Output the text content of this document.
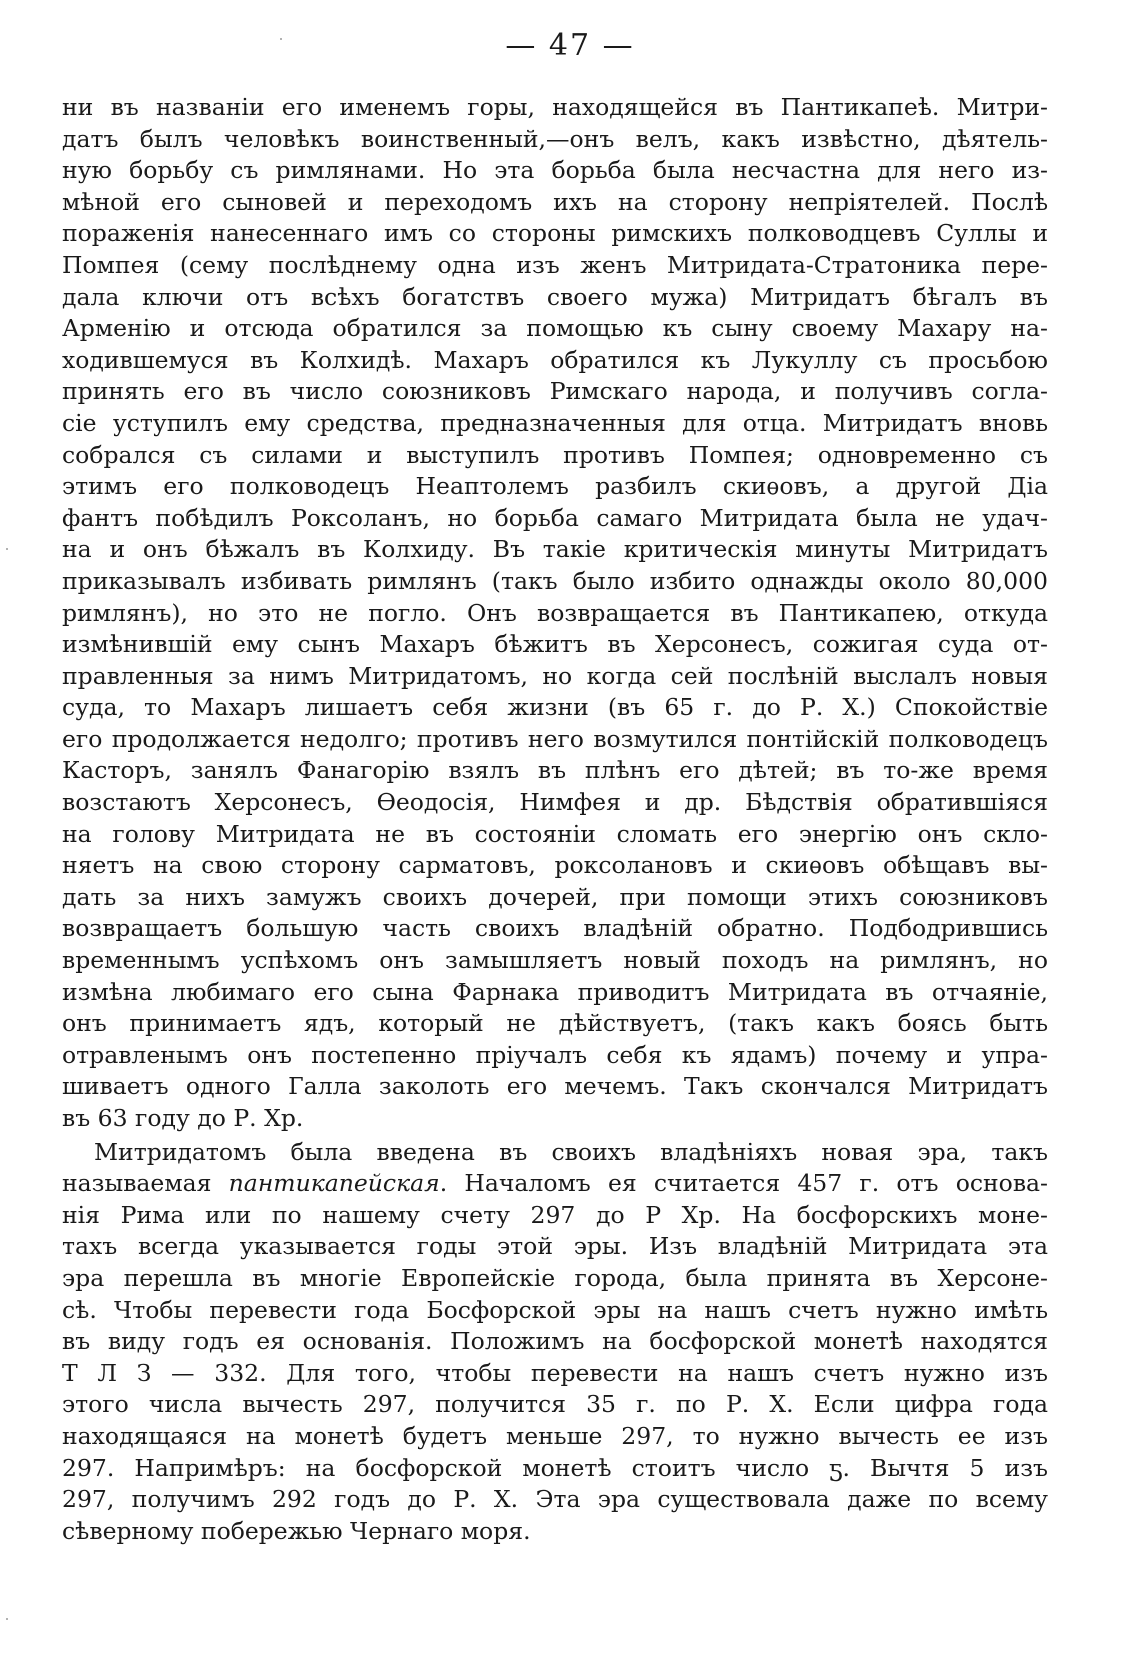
— 47 —
ни въ названіи его именемъ горы, находящейся въ Пантикапеѣ. Митри-
датъ былъ человѣкъ воинственный,—онъ велъ, какъ извѣстно, дѣятель-
ную борьбу съ римлянами. Но эта борьба была несчастна для него из-
мѣной его сыновей и переходомъ ихъ на сторону непріятелей. Послѣ
пораженія нанесеннаго имъ со стороны римскихъ полководцевъ Суллы и
Помпея (сему послѣднему одна изъ женъ Митридата-Стратоника пере-
дала ключи отъ всѣхъ богатствъ своего мужа) Митридатъ бѣгалъ въ
Арменію и отсюда обратился за помощью къ сыну своему Махару на-
ходившемуся въ Колхидѣ. Махаръ обратился къ Лукуллу съ просьбою
принять его въ число союзниковъ Римскаго народа, и получивъ согла-
сіе уступилъ ему средства, предназначенныя для отца. Митридатъ вновь
собрался съ силами и выступилъ противъ Помпея; одновременно съ
этимъ его полководецъ Неаптолемъ разбилъ скиѳовъ, а другой Діа
фантъ побѣдилъ Роксоланъ, но борьба самаго Митридата была не удач-
на и онъ бѣжалъ въ Колхиду. Въ такіе критическія минуты Митридатъ
приказывалъ избивать римлянъ (такъ было избито однажды около 80,000
римлянъ), но это не погло. Онъ возвращается въ Пантикапею, откуда
измѣнившій ему сынъ Махаръ бѣжитъ въ Херсонесъ, сожигая суда от-
правленныя за нимъ Митридатомъ, но когда сей послѣній выслалъ новыя
суда, то Махаръ лишаетъ себя жизни (въ 65 г. до Р. Х.) Спокойствіе
его продолжается недолго; противъ него возмутился понтійскій полководецъ
Касторъ, занялъ Фанагорію взялъ въ плѣнъ его дѣтей; въ то-же время
возстаютъ Херсонесъ, Ѳеодосія, Нимфея и др. Бѣдствія обратившіяся
на голову Митридата не въ состояніи сломать его энергію онъ скло-
няетъ на свою сторону сарматовъ, роксолановъ и скиѳовъ обѣщавъ вы-
дать за нихъ замужъ своихъ дочерей, при помощи этихъ союзниковъ
возвращаетъ большую часть своихъ владѣній обратно. Подбодрившись
временнымъ успѣхомъ онъ замышляетъ новый походъ на римлянъ, но
измѣна любимаго его сына Фарнака приводитъ Митридата въ отчаяніе,
онъ принимаетъ ядъ, который не дѣйствуетъ, (такъ какъ боясь быть
отравленымъ онъ постепенно пріучалъ себя къ ядамъ) почему и упра-
шиваетъ одного Галла заколоть его мечемъ. Такъ скончался Митридатъ
въ 63 году до Р. Хр.
Митридатомъ была введена въ своихъ владѣніяхъ новая эра, такъ
называемая пантикапейская. Началомъ ея считается 457 г. отъ основа-
нія Рима или по нашему счету 297 до Р Хр. На босфорскихъ моне-
тахъ всегда указывается годы этой эры. Изъ владѣній Митридата эта
эра перешла въ многіе Европейскіе города, была принята въ Херсоне-
сѣ. Чтобы перевести года Босфорской эры на нашъ счетъ нужно имѣть
въ виду годъ ея основанія. Положимъ на босфорской монетѣ находятся
Т Л З — 332. Для того, чтобы перевести на нашъ счетъ нужно изъ
этого числа вычесть 297, получится 35 г. по Р. Х. Если цифра года
находящаяся на монетѣ будетъ меньше 297, то нужно вычесть ее изъ
297. Напримѣръ: на босфорской монетѣ стоитъ число ƽ. Вычтя 5 изъ
297, получимъ 292 годъ до Р. Х. Эта эра существовала даже по всему
сѣверному побережью Чернаго моря.
